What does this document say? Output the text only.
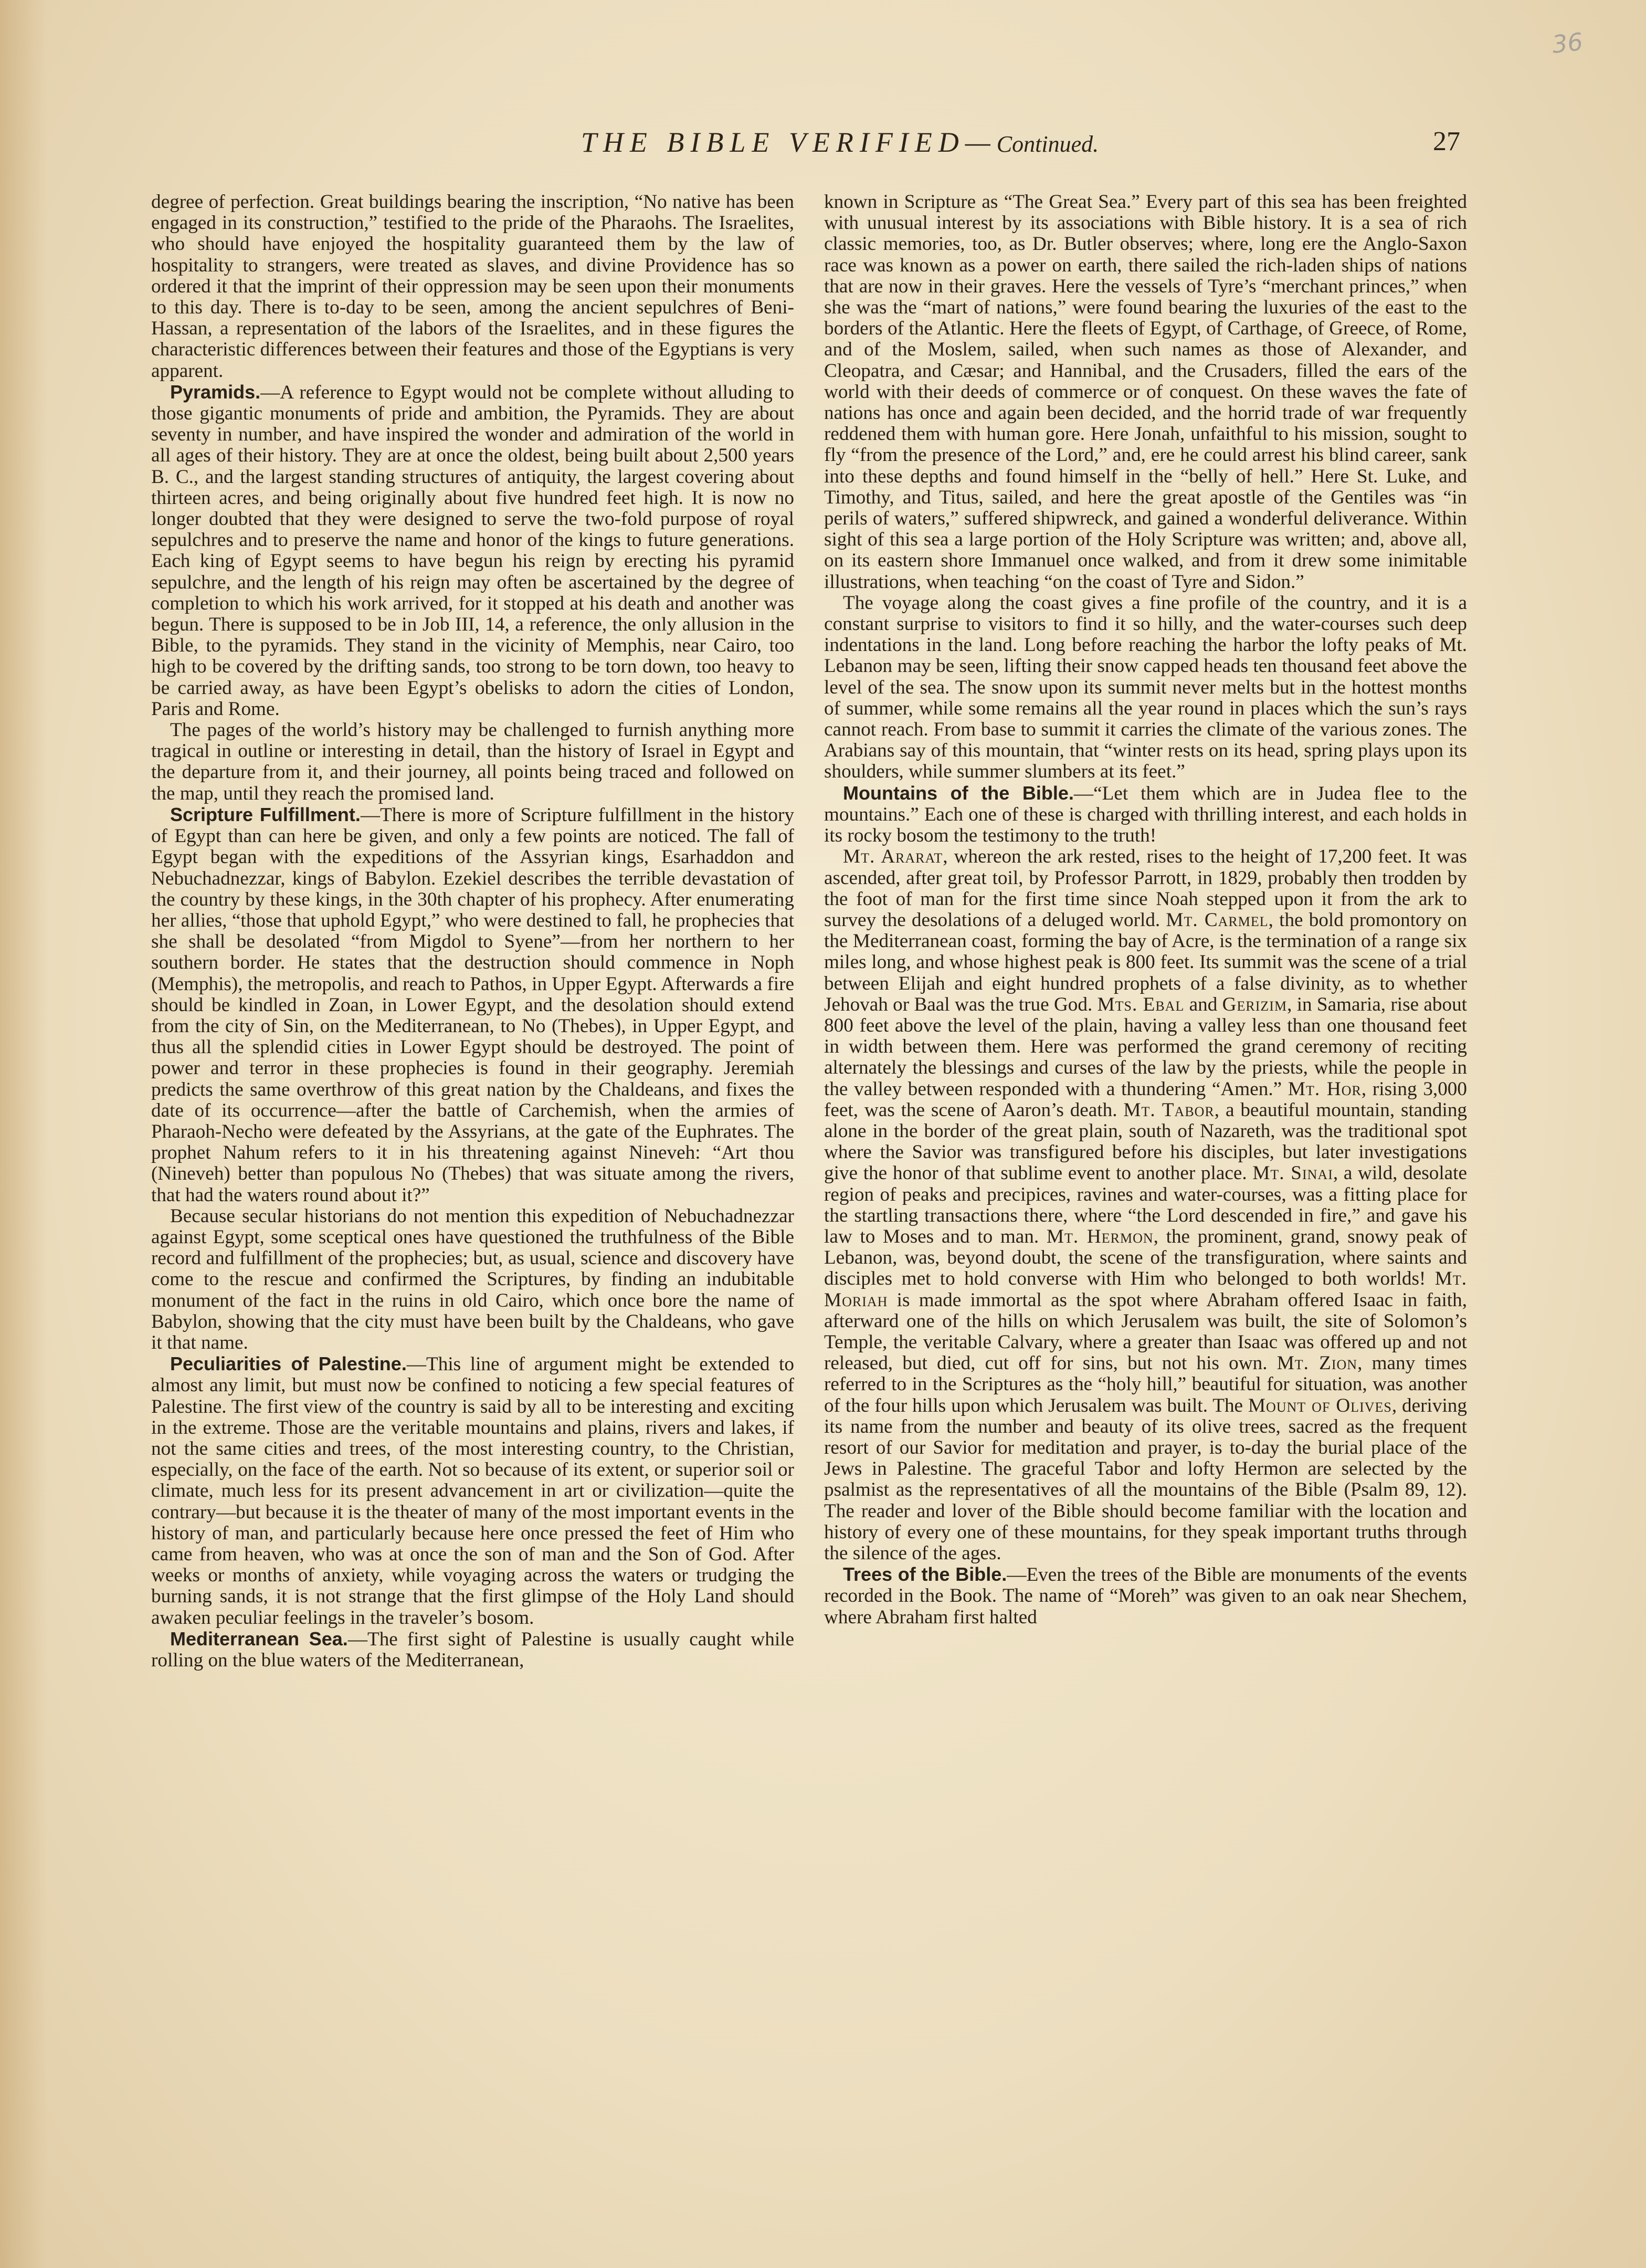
36
THE BIBLE VERIFIED—Continued.	27

degree of perfection. Great buildings bearing the inscription, “No native has been engaged in its construction,” testified to the pride of the Pharaohs. The Israelites, who should have enjoyed the hospitality guaranteed them by the law of hospitality to strangers, were treated as slaves, and divine Providence has so ordered it that the imprint of their oppression may be seen upon their monuments to this day. There is to-day to be seen, among the ancient sepulchres of Beni-Hassan, a representation of the labors of the Israelites, and in these figures the characteristic differences between their features and those of the Egyptians is very apparent.

Pyramids.—A reference to Egypt would not be complete without alluding to those gigantic monuments of pride and ambition, the Pyramids. They are about seventy in number, and have inspired the wonder and admiration of the world in all ages of their history. They are at once the oldest, being built about 2,500 years B. C., and the largest standing structures of antiquity, the largest covering about thirteen acres, and being originally about five hundred feet high. It is now no longer doubted that they were designed to serve the two-fold purpose of royal sepulchres and to preserve the name and honor of the kings to future generations. Each king of Egypt seems to have begun his reign by erecting his pyramid sepulchre, and the length of his reign may often be ascertained by the degree of completion to which his work arrived, for it stopped at his death and another was begun. There is supposed to be in Job III, 14, a reference, the only allusion in the Bible, to the pyramids. They stand in the vicinity of Memphis, near Cairo, too high to be covered by the drifting sands, too strong to be torn down, too heavy to be carried away, as have been Egypt’s obelisks to adorn the cities of London, Paris and Rome.

The pages of the world’s history may be challenged to furnish anything more tragical in outline or interesting in detail, than the history of Israel in Egypt and the departure from it, and their journey, all points being traced and followed on the map, until they reach the promised land.

Scripture Fulfillment.—There is more of Scripture fulfillment in the history of Egypt than can here be given, and only a few points are noticed. The fall of Egypt began with the expeditions of the Assyrian kings, Esarhaddon and Nebuchadnezzar, kings of Babylon. Ezekiel describes the terrible devastation of the country by these kings, in the 30th chapter of his prophecy. After enumerating her allies, “those that uphold Egypt,” who were destined to fall, he prophecies that she shall be desolated “from Migdol to Syene”—from her northern to her southern border. He states that the destruction should commence in Noph (Memphis), the metropolis, and reach to Pathos, in Upper Egypt. Afterwards a fire should be kindled in Zoan, in Lower Egypt, and the desolation should extend from the city of Sin, on the Mediterranean, to No (Thebes), in Upper Egypt, and thus all the splendid cities in Lower Egypt should be destroyed. The point of power and terror in these prophecies is found in their geography. Jeremiah predicts the same overthrow of this great nation by the Chaldeans, and fixes the date of its occurrence—after the battle of Carchemish, when the armies of Pharaoh-Necho were defeated by the Assyrians, at the gate of the Euphrates. The prophet Nahum refers to it in his threatening against Nineveh: “Art thou (Nineveh) better than populous No (Thebes) that was situate among the rivers, that had the waters round about it?”

Because secular historians do not mention this expedition of Nebuchadnezzar against Egypt, some sceptical ones have questioned the truthfulness of the Bible record and fulfillment of the prophecies; but, as usual, science and discovery have come to the rescue and confirmed the Scriptures, by finding an indubitable monument of the fact in the ruins in old Cairo, which once bore the name of Babylon, showing that the city must have been built by the Chaldeans, who gave it that name.

Peculiarities of Palestine.—This line of argument might be extended to almost any limit, but must now be confined to noticing a few special features of Palestine. The first view of the country is said by all to be interesting and exciting in the extreme. Those are the veritable mountains and plains, rivers and lakes, if not the same cities and trees, of the most interesting country, to the Christian, especially, on the face of the earth. Not so because of its extent, or superior soil or climate, much less for its present advancement in art or civilization—quite the contrary—but because it is the theater of many of the most important events in the history of man, and particularly because here once pressed the feet of Him who came from heaven, who was at once the son of man and the Son of God. After weeks or months of anxiety, while voyaging across the waters or trudging the burning sands, it is not strange that the first glimpse of the Holy Land should awaken peculiar feelings in the traveler’s bosom.

Mediterranean Sea.—The first sight of Palestine is usually caught while rolling on the blue waters of the Mediterranean,

known in Scripture as “The Great Sea.” Every part of this sea has been freighted with unusual interest by its associations with Bible history. It is a sea of rich classic memories, too, as Dr. Butler observes; where, long ere the Anglo-Saxon race was known as a power on earth, there sailed the rich-laden ships of nations that are now in their graves. Here the vessels of Tyre’s “merchant princes,” when she was the “mart of nations,” were found bearing the luxuries of the east to the borders of the Atlantic. Here the fleets of Egypt, of Carthage, of Greece, of Rome, and of the Moslem, sailed, when such names as those of Alexander, and Cleopatra, and Cæsar; and Hannibal, and the Crusaders, filled the ears of the world with their deeds of commerce or of conquest. On these waves the fate of nations has once and again been decided, and the horrid trade of war frequently reddened them with human gore. Here Jonah, unfaithful to his mission, sought to fly “from the presence of the Lord,” and, ere he could arrest his blind career, sank into these depths and found himself in the “belly of hell.” Here St. Luke, and Timothy, and Titus, sailed, and here the great apostle of the Gentiles was “in perils of waters,” suffered shipwreck, and gained a wonderful deliverance. Within sight of this sea a large portion of the Holy Scripture was written; and, above all, on its eastern shore Immanuel once walked, and from it drew some inimitable illustrations, when teaching “on the coast of Tyre and Sidon.”

The voyage along the coast gives a fine profile of the country, and it is a constant surprise to visitors to find it so hilly, and the water-courses such deep indentations in the land. Long before reaching the harbor the lofty peaks of Mt. Lebanon may be seen, lifting their snow capped heads ten thousand feet above the level of the sea. The snow upon its summit never melts but in the hottest months of summer, while some remains all the year round in places which the sun’s rays cannot reach. From base to summit it carries the climate of the various zones. The Arabians say of this mountain, that “winter rests on its head, spring plays upon its shoulders, while summer slumbers at its feet.”

Mountains of the Bible.—“Let them which are in Judea flee to the mountains.” Each one of these is charged with thrilling interest, and each holds in its rocky bosom the testimony to the truth!

Mt. Ararat, whereon the ark rested, rises to the height of 17,200 feet. It was ascended, after great toil, by Professor Parrott, in 1829, probably then trodden by the foot of man for the first time since Noah stepped upon it from the ark to survey the desolations of a deluged world. Mt. Carmel, the bold promontory on the Mediterranean coast, forming the bay of Acre, is the termination of a range six miles long, and whose highest peak is 800 feet. Its summit was the scene of a trial between Elijah and eight hundred prophets of a false divinity, as to whether Jehovah or Baal was the true God. Mts. Ebal and Gerizim, in Samaria, rise about 800 feet above the level of the plain, having a valley less than one thousand feet in width between them. Here was performed the grand ceremony of reciting alternately the blessings and curses of the law by the priests, while the people in the valley between responded with a thundering “Amen.” Mt. Hor, rising 3,000 feet, was the scene of Aaron’s death. Mt. Tabor, a beautiful mountain, standing alone in the border of the great plain, south of Nazareth, was the traditional spot where the Savior was transfigured before his disciples, but later investigations give the honor of that sublime event to another place. Mt. Sinai, a wild, desolate region of peaks and precipices, ravines and water-courses, was a fitting place for the startling transactions there, where “the Lord descended in fire,” and gave his law to Moses and to man. Mt. Hermon, the prominent, grand, snowy peak of Lebanon, was, beyond doubt, the scene of the transfiguration, where saints and disciples met to hold converse with Him who belonged to both worlds! Mt. Moriah is made immortal as the spot where Abraham offered Isaac in faith, afterward one of the hills on which Jerusalem was built, the site of Solomon’s Temple, the veritable Calvary, where a greater than Isaac was offered up and not released, but died, cut off for sins, but not his own. Mt. Zion, many times referred to in the Scriptures as the “holy hill,” beautiful for situation, was another of the four hills upon which Jerusalem was built. The Mount of Olives, deriving its name from the number and beauty of its olive trees, sacred as the frequent resort of our Savior for meditation and prayer, is to-day the burial place of the Jews in Palestine. The graceful Tabor and lofty Hermon are selected by the psalmist as the representatives of all the mountains of the Bible (Psalm 89, 12). The reader and lover of the Bible should become familiar with the location and history of every one of these mountains, for they speak important truths through the silence of the ages.

Trees of the Bible.—Even the trees of the Bible are monuments of the events recorded in the Book. The name of “Moreh” was given to an oak near Shechem, where Abraham first halted
